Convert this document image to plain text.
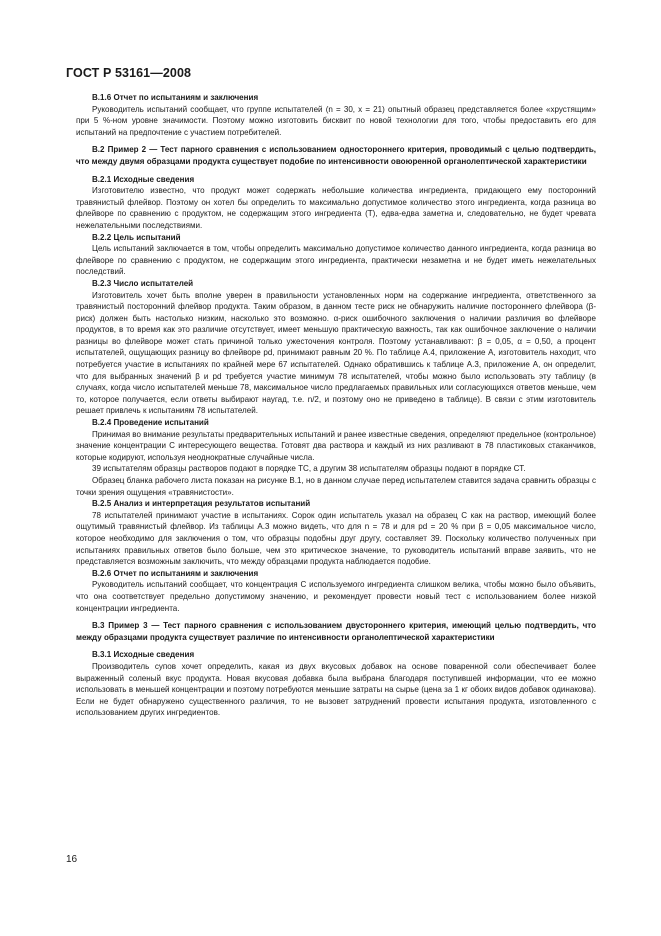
ГОСТ Р 53161—2008
В.1.6 Отчет по испытаниям и заключения

Руководитель испытаний сообщает, что группе испытателей (n = 30, x = 21) опытный образец представляется более «хрустящим» при 5 %-ном уровне значимости. Поэтому можно изготовить бисквит по новой технологии для того, чтобы предоставить его для испытаний на предпочтение с участием потребителей.

В.2 Пример 2 — Тест парного сравнения с использованием одностороннего критерия, проводимый с целью подтвердить, что между двумя образцами продукта существует подобие по интенсивности овоюренной органолептической характеристики

В.2.1 Исходные сведения

Изготовителю известно, что продукт может содержать небольшие количества ингредиента, придающего ему посторонний травянистый флейвор. Поэтому он хотел бы определить то максимально допустимое количество этого ингредиента, когда разница во флейворе по сравнению с продуктом, не содержащим этого ингредиента (Т), едва-едва заметна и, следовательно, не будет чревата нежелательными последствиями.

В.2.2 Цель испытаний

Цель испытаний заключается в том, чтобы определить максимально допустимое количество данного ингредиента, когда разница во флейворе по сравнению с продуктом, не содержащим этого ингредиента, практически незаметна и не будет иметь нежелательных последствий.

В.2.3 Число испытателей

Изготовитель хочет быть вполне уверен в правильности установленных норм на содержание ингредиента, ответственного за травянистый посторонний флейвор продукта. Таким образом, в данном тесте риск не обнаружить наличие постороннего флейвора (β-риск) должен быть настолько низким, насколько это возможно. α-риск ошибочного заключения о наличии различия во флейворе продуктов, в то время как это различие отсутствует, имеет меньшую практическую важность, так как ошибочное заключение о наличии разницы во флейворе может стать причиной только ужесточения контроля. Поэтому устанавливают: β = 0,05, α = 0,50, а процент испытателей, ощущающих разницу во флейворе pd, принимают равным 20 %. По таблице А.4, приложение А, изготовитель находит, что потребуется участие в испытаниях по крайней мере 67 испытателей. Однако обратившись к таблице А.3, приложение А, он определит, что для выбранных значений β и pd требуется участие минимум 78 испытателей, чтобы можно было использовать эту таблицу (в случаях, когда число испытателей меньше 78, максимальное число предлагаемых правильных или согласующихся ответов меньше, чем то, которое получается, если ответы выбирают наугад, т.е. n/2, и поэтому оно не приведено в таблице). В связи с этим изготовитель решает привлечь к испытаниям 78 испытателей.

В.2.4 Проведение испытаний

Принимая во внимание результаты предварительных испытаний и ранее известные сведения, определяют предельное (контрольное) значение концентрации С интересующего вещества. Готовят два раствора и каждый из них разливают в 78 пластиковых стаканчиков, которые кодируют, используя неоднократные случайные числа.

39 испытателям образцы растворов подают в порядке ТС, а другим 38 испытателям образцы подают в порядке СТ.

Образец бланка рабочего листа показан на рисунке В.1, но в данном случае перед испытателем ставится задача сравнить образцы с точки зрения ощущения «травянистости».

В.2.5 Анализ и интерпретация результатов испытаний

78 испытателей принимают участие в испытаниях. Сорок один испытатель указал на образец С как на раствор, имеющий более ощутимый травянистый флейвор. Из таблицы А.3 можно видеть, что для n = 78 и для pd = 20 % при β = 0,05 максимальное число, которое необходимо для заключения о том, что образцы подобны друг другу, составляет 39. Поскольку количество полученных при испытаниях правильных ответов было больше, чем это критическое значение, то руководитель испытаний вправе заявить, что не представляется возможным заключить, что между образцами продукта наблюдается подобие.

В.2.6 Отчет по испытаниям и заключения

Руководитель испытаний сообщает, что концентрация С используемого ингредиента слишком велика, чтобы можно было объявить, что она соответствует предельно допустимому значению, и рекомендует провести новый тест с использованием более низкой концентрации ингредиента.

В.3 Пример 3 — Тест парного сравнения с использованием двустороннего критерия, имеющий целью подтвердить, что между образцами продукта существует различие по интенсивности органолептической характеристики

В.3.1 Исходные сведения

Производитель супов хочет определить, какая из двух вкусовых добавок на основе поваренной соли обеспечивает более выраженный соленый вкус продукта. Новая вкусовая добавка была выбрана благодаря поступившей информации, что ее можно использовать в меньшей концентрации и поэтому потребуются меньшие затраты на сырье (цена за 1 кг обоих видов добавок одинакова). Если не будет обнаружено существенного различия, то не вызовет затруднений провести испытания продукта, изготовленного с использованием других ингредиентов.

16
